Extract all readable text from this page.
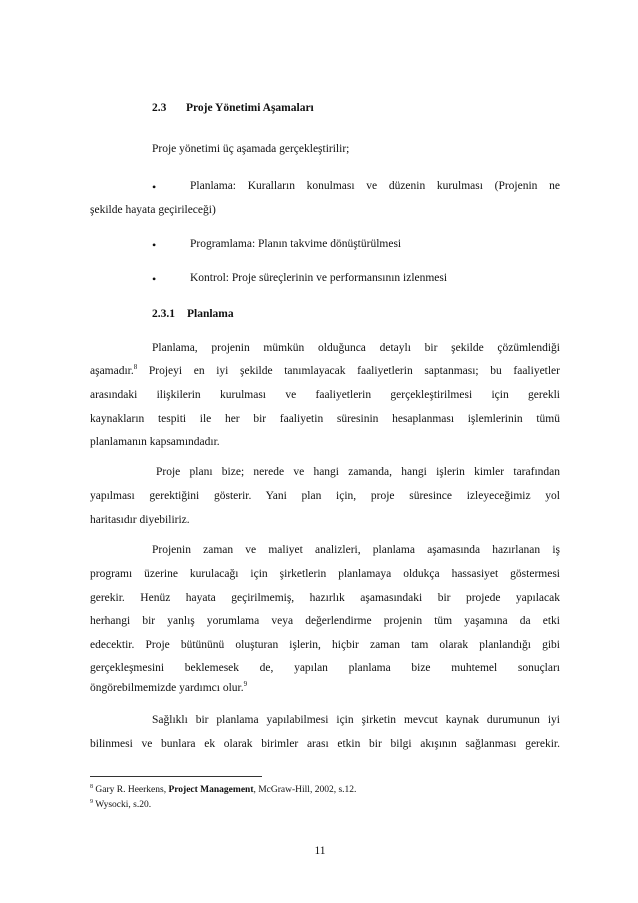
2.3 Proje Yönetimi Aşamaları
Proje yönetimi üç aşamada gerçekleştirilir;
•	Planlama: Kuralların konulması ve düzenin kurulması (Projenin ne
şekilde hayata geçirileceği)
•	Programlama: Planın takvime dönüştürülmesi
•	Kontrol: Proje süreçlerinin ve performansının izlenmesi
2.3.1 Planlama
Planlama, projenin mümkün olduğunca detaylı bir şekilde çözümlendiği
aşamadır.$^8$ Projeyi en iyi şekilde tanımlayacak faaliyetlerin saptanması; bu faaliyetler
arasındaki ilişkilerin kurulması ve faaliyetlerin gerçekleştirilmesi için gerekli
kaynakların tespiti ile her bir faaliyetin süresinin hesaplanması işlemlerinin tümü
planlamanın kapsamındadır.
Proje planı bize; nerede ve hangi zamanda, hangi işlerin kimler tarafından
yapılması gerektiğini gösterir. Yani plan için, proje süresince izleyeceğimiz yol
haritasıdır diyebiliriz.
Projenin zaman ve maliyet analizleri, planlama aşamasında hazırlanan iş
programı üzerine kurulacağı için şirketlerin planlamaya oldukça hassasiyet göstermesi
gerekir. Henüz hayata geçirilmemiş, hazırlık aşamasındaki bir projede yapılacak
herhangi bir yanlış yorumlama veya değerlendirme projenin tüm yaşamına da etki
edecektir. Proje bütününü oluşturan işlerin, hiçbir zaman tam olarak planlandığı gibi
gerçekleşmesini beklemesek de, yapılan planlama bize muhtemel sonuçları
öngörebilmemizde yardımcı olur.$^9$
Sağlıklı bir planlama yapılabilmesi için şirketin mevcut kaynak durumunun iyi
bilinmesi ve bunlara ek olarak birimler arası etkin bir bilgi akışının sağlanması gerekir.
$^8$ Gary R. Heerkens, Project Management, McGraw-Hill, 2002, s.12.
$^9$ Wysocki, s.20.
11
